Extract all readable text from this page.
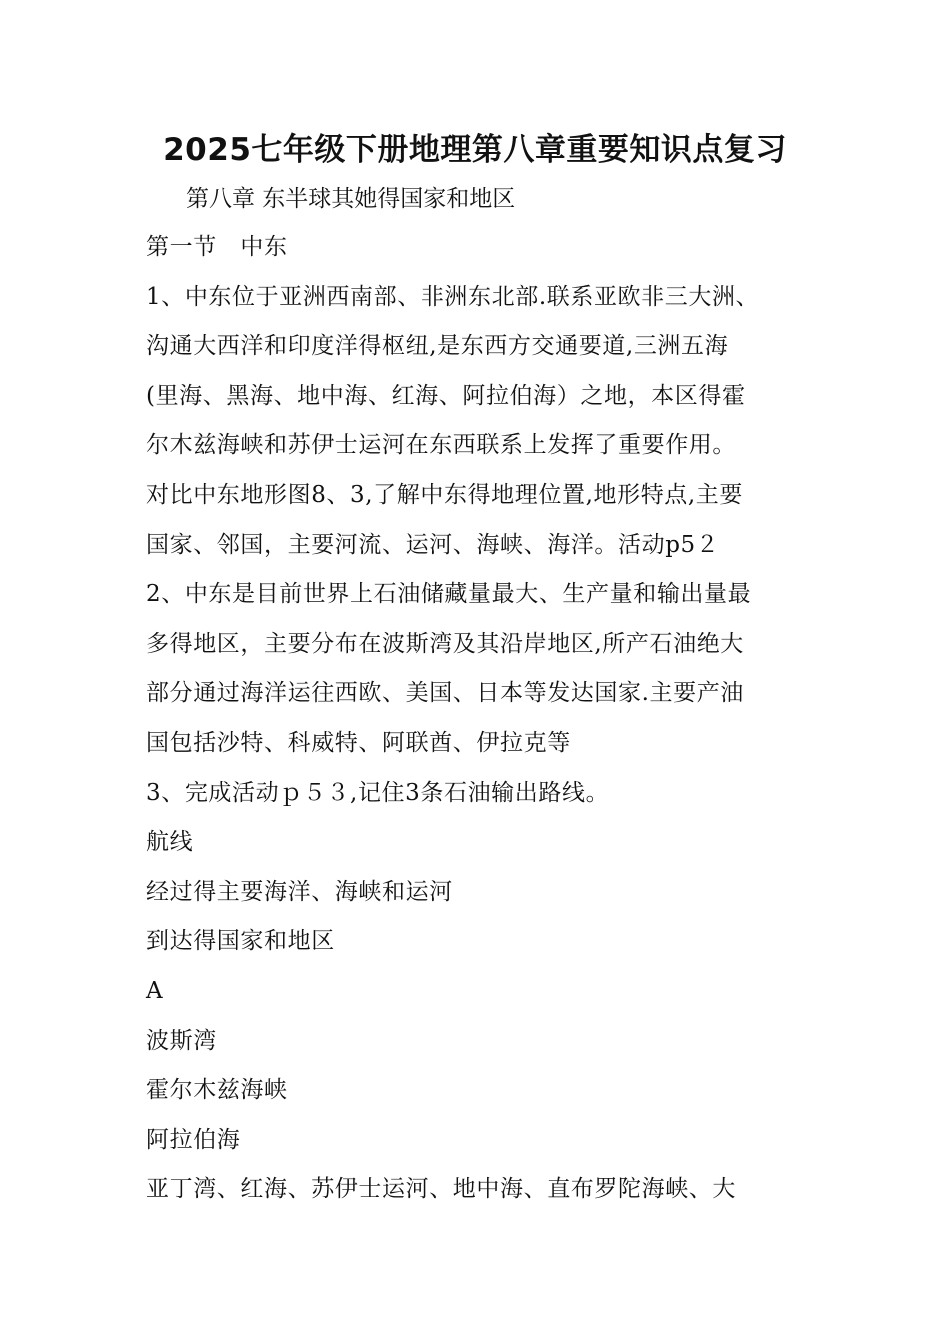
2025七年级下册地理第八章重要知识点复习
第八章 东半球其她得国家和地区
第一节　中东
1、中东位于亚洲西南部、非洲东北部.联系亚欧非三大洲、
沟通大西洋和印度洋得枢纽,是东西方交通要道,三洲五海
(里海、黑海、地中海、红海、阿拉伯海）之地，本区得霍
尔木兹海峡和苏伊士运河在东西联系上发挥了重要作用。
对比中东地形图8、3,了解中东得地理位置,地形特点,主要
国家、邻国，主要河流、运河、海峡、海洋。活动p5２
2、中东是目前世界上石油储藏量最大、生产量和输出量最
多得地区，主要分布在波斯湾及其沿岸地区,所产石油绝大
部分通过海洋运往西欧、美国、日本等发达国家.主要产油
国包括沙特、科威特、阿联酋、伊拉克等
3、完成活动ｐ５３,记住3条石油输出路线。
航线
经过得主要海洋、海峡和运河
到达得国家和地区
A
波斯湾
霍尔木兹海峡
阿拉伯海
亚丁湾、红海、苏伊士运河、地中海、直布罗陀海峡、大
